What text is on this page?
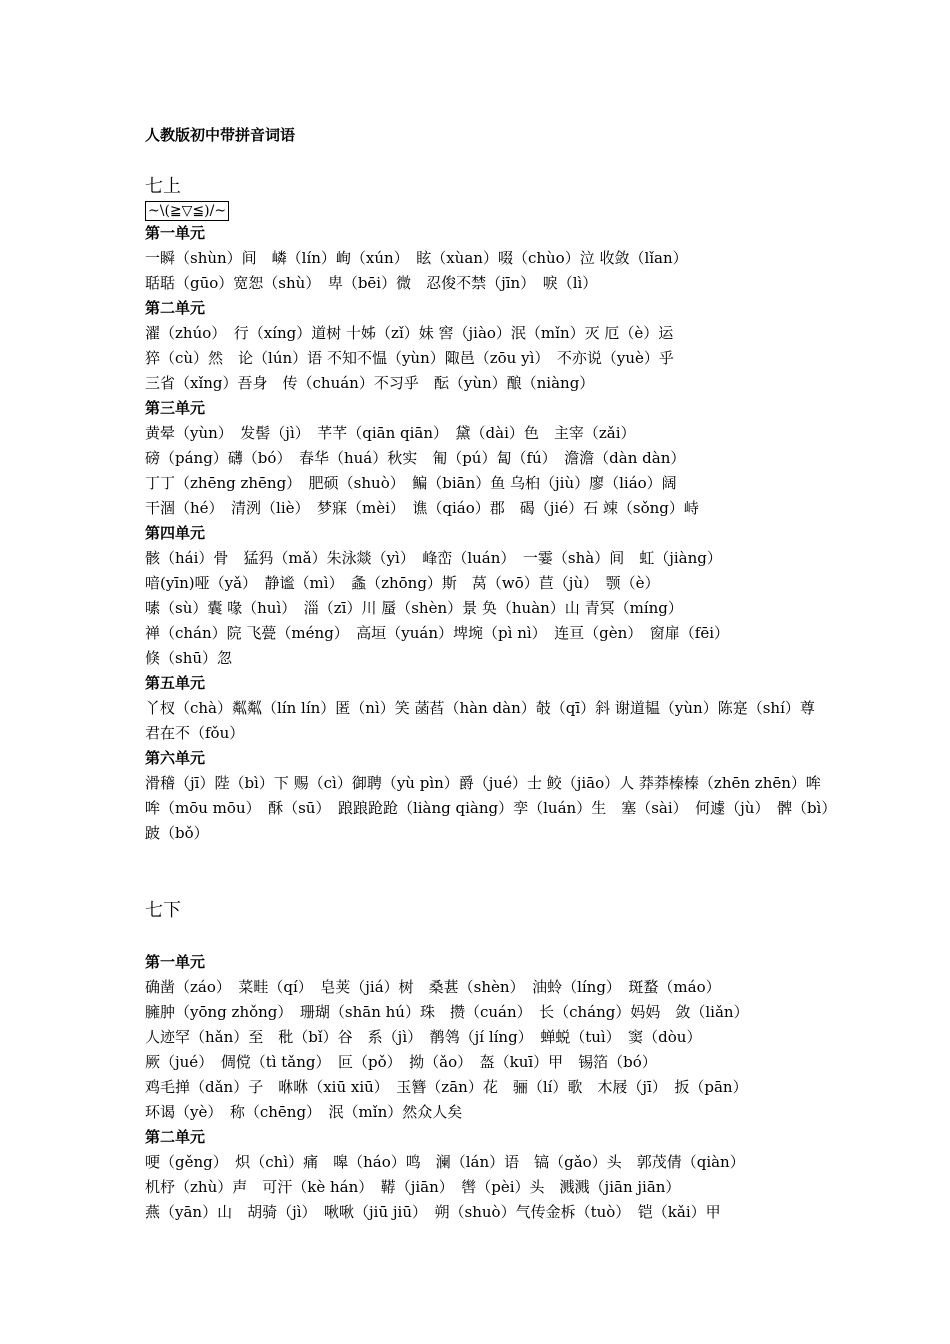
人教版初中带拼音词语

七上

~\(≧▽≦)/~

第一单元

一瞬（shùn）间　嶙（lín）峋（xún）　眩（xùan）啜（chùo）泣 收敛（lǐan）

聒聒（gūo）宽恕（shù）　卑（bēi）微　忍俊不禁（jīn）　唳（lì）

第二单元

濯（zhúo）　行（xíng）道树 十姊（zǐ）妹 窖（jiào）泯（mǐn）灭 厄（è）运

猝（cù）然　论（lún）语 不知不愠（yùn）陬邑（zōu yì）　不亦说（yuè）乎

三省（xǐng）吾身　传（chuán）不习乎　酝（yùn）酿（niàng）

第三单元

黄晕（yùn）　发髻（jì）　芊芊（qiān qiān）　黛（dài）色　主宰（zǎi）

磅（páng）礴（bó）　春华（huá）秋实　匍（pú）匐（fú）　澹澹（dàn dàn）

丁丁（zhēng zhēng）　肥硕（shuò）　鳊（biān）鱼 乌桕（jiù）廖（liáo）阔

干涸（hé）　清洌（liè）　梦寐（mèi）　谯（qiáo）郡　碣（jié）石 竦（sǒng）峙

第四单元

骸（hái）骨　猛犸（mǎ）朱泳燚（yì）　峰峦（luán）　一霎（shà）间　虹（jiàng）

喑(yīn)哑（yǎ）　静谧（mì）　螽（zhōng）斯　莴（wō）苣（jù）　颚（è）

嗉（sù）囊 喙（huì）　淄（zī）川 蜃（shèn）景 奂（huàn）山 青冥（míng）

禅（chán）院 飞甍（méng）　高垣（yuán）埤埦（pì nì）　连亘（gèn）　窗扉（fēi）

倏（shū）忽

第五单元

丫杈（chà）粼粼（lín lín）匿（nì）笑 菡萏（hàn dàn）攲（qī）斜 谢道韫（yùn）陈寔（shí）尊

君在不（fǒu）

第六单元

滑稽（jī）陛（bì）下 赐（cì）御聘（yù pìn）爵（jué）士 鲛（jiāo）人 莽莽榛榛（zhēn zhēn）哞

哞（mōu mōu）　酥（sū）　踉踉跄跄（liàng qiàng）孪（luán）生　塞（sài）　何遽（jù）　髀（bì）

跛（bǒ）

七下

第一单元

确凿（záo）　菜畦（qí）　皂荚（jiá）树　桑葚（shèn）　油蛉（líng）　斑蝥（máo）

臃肿（yōng zhǒng）　珊瑚（shān hú）珠　攒（cuán）　长（cháng）妈妈　敛（liǎn）

人迹罕（hǎn）至　秕（bǐ）谷　系（jì）　鹡鸰（jí líng）　蝉蜕（tuì）　窦（dòu）

厥（jué）　倜傥（tì tǎng）　叵（pǒ）　拗（ǎo）　盔（kuī）甲　锡箔（bó）

鸡毛掸（dǎn）子　咻咻（xiū xiū）　玉簪（zān）花　骊（lí）歌　木屐（jī）　扳（pān）

环谒（yè）　称（chēng）　泯（mǐn）然众人矣

第二单元

哽（gěng）　炽（chì）痛　嗥（háo）鸣　澜（lán）语　镐（gǎo）头　郭茂倩（qiàn）

机杼（zhù）声　可汗（kè hán）　鞯（jiān）　辔（pèi）头　溅溅（jiān jiān）

燕（yān）山　胡骑（jì）　啾啾（jiū jiū）　朔（shuò）气传金柝（tuò）　铠（kǎi）甲
